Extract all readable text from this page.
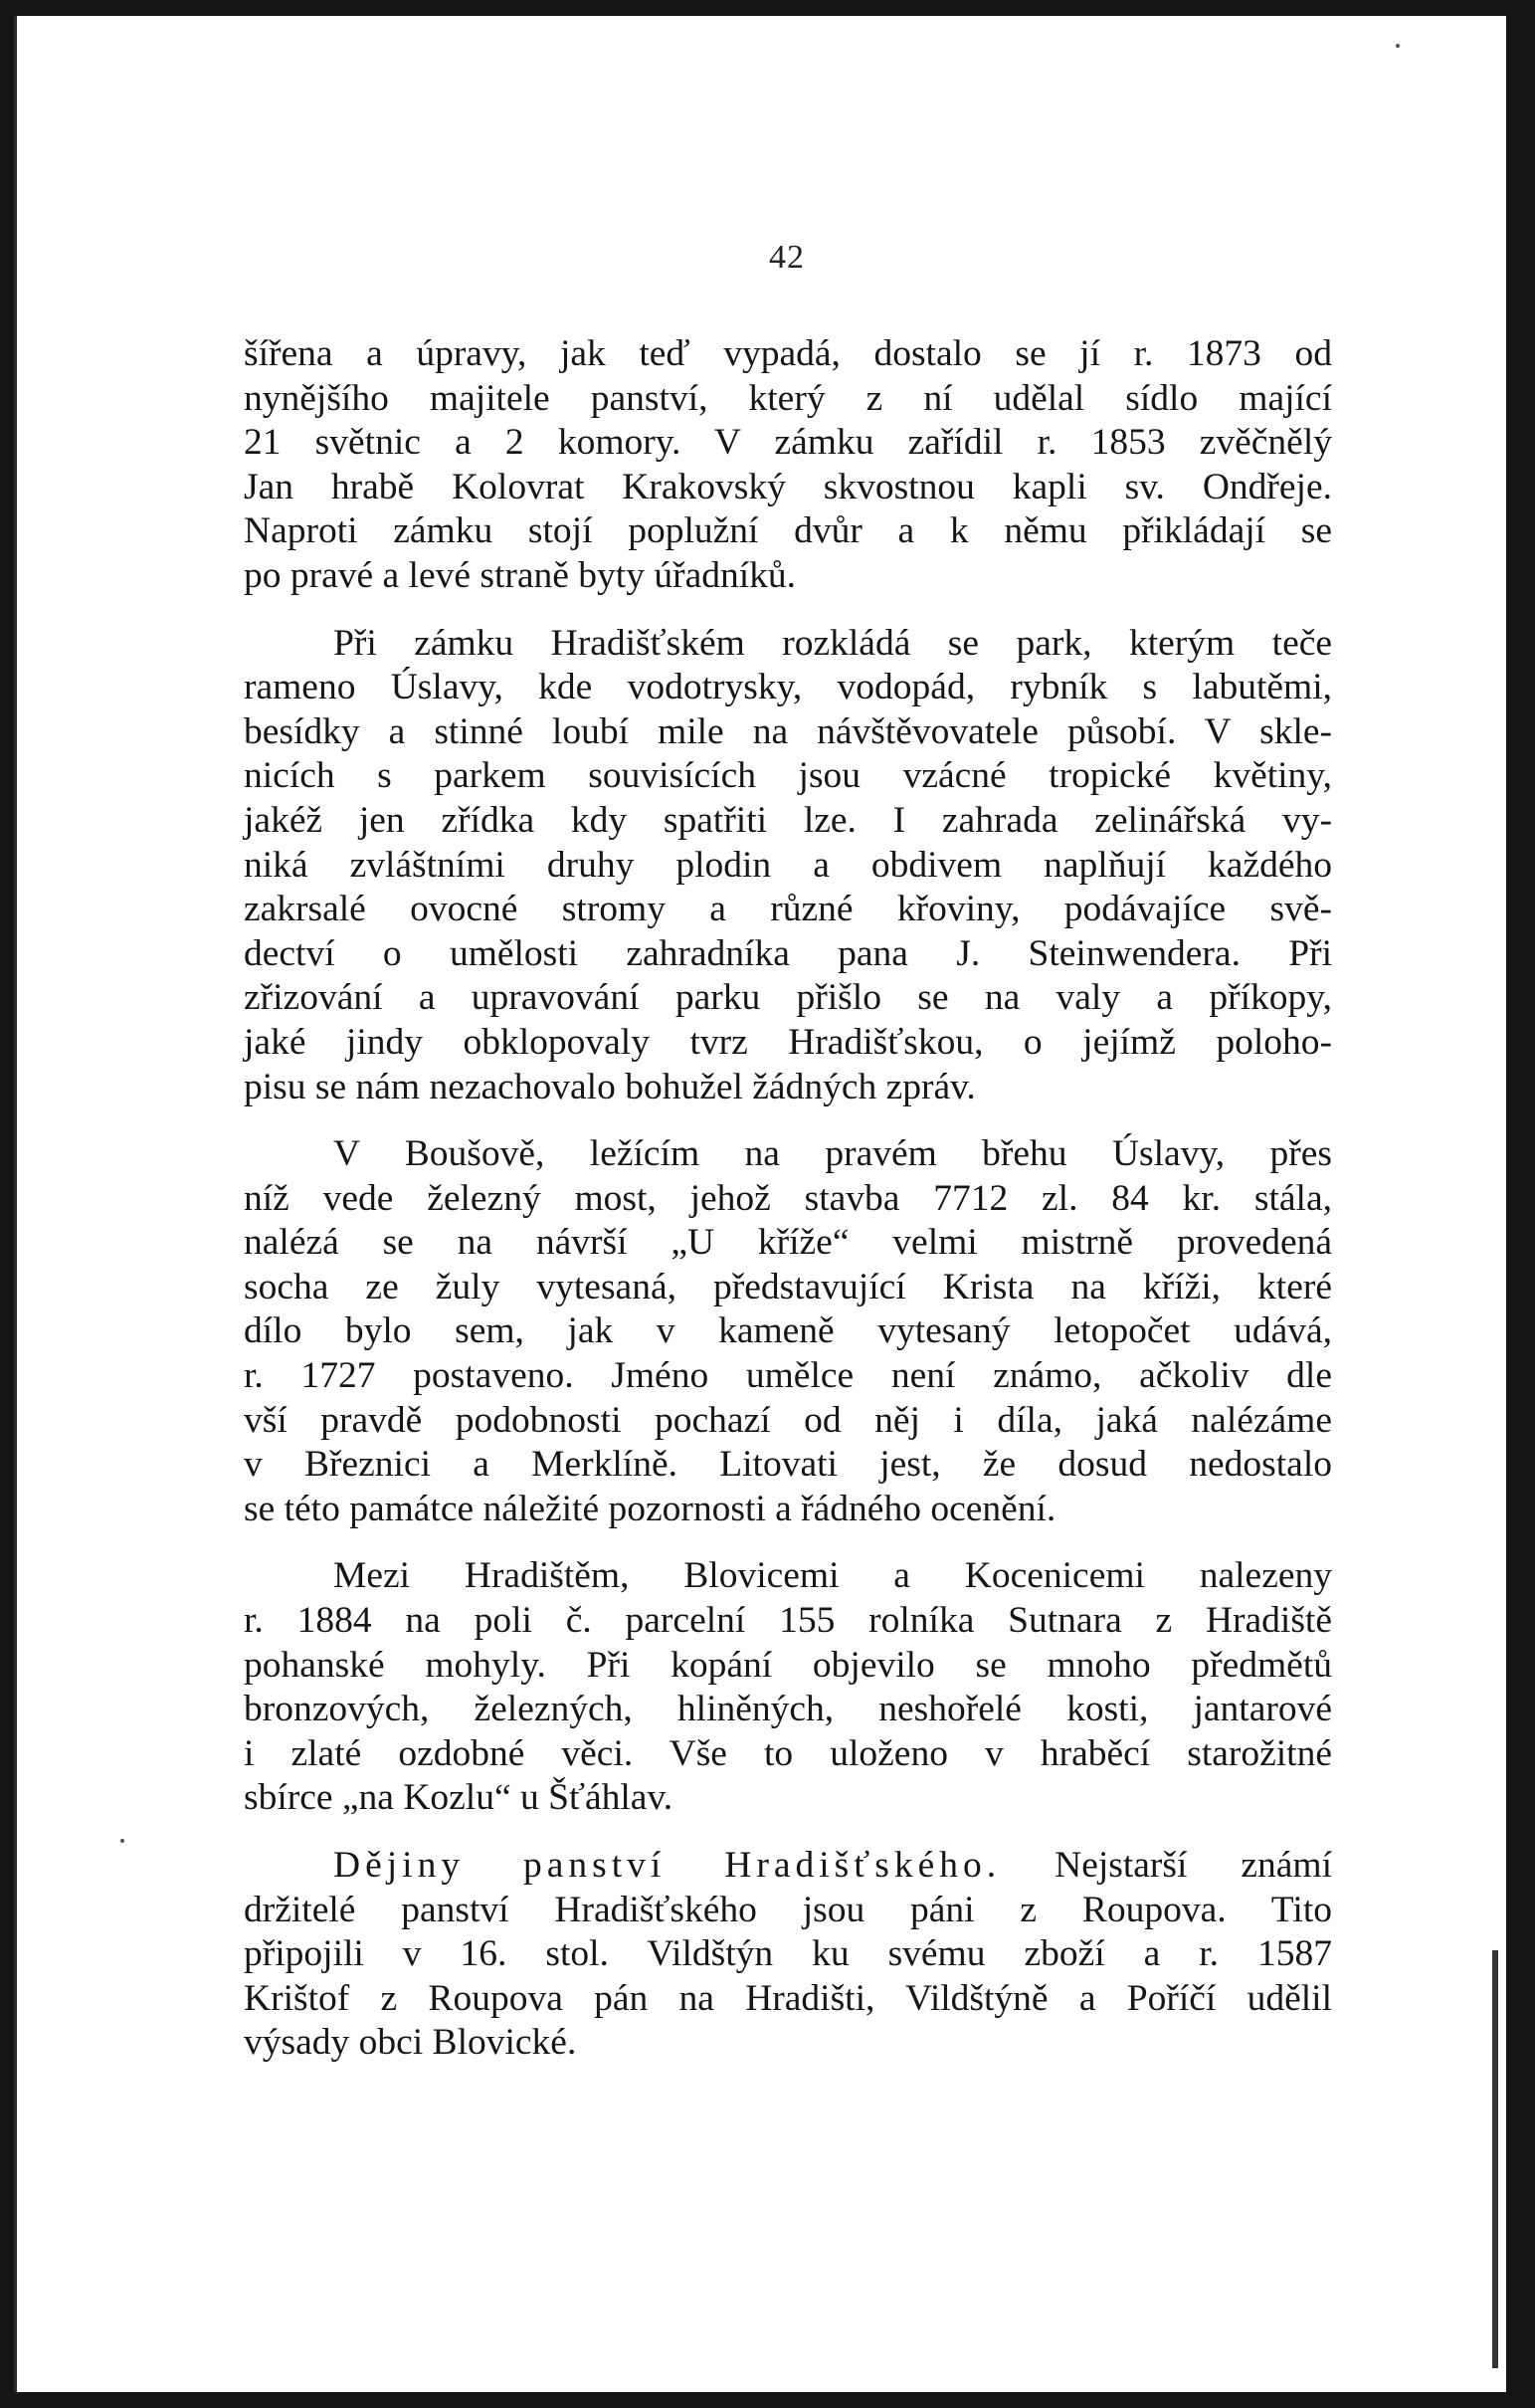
42
šířena a úpravy, jak teď vypadá, dostalo se jí r. 1873 od
nynějšího majitele panství, který z ní udělal sídlo mající
21 světnic a 2 komory. V zámku zařídil r. 1853 zvěčnělý
Jan hrabě Kolovrat Krakovský skvostnou kapli sv. Ondřeje.
Naproti zámku stojí poplužní dvůr a k němu přikládají se
po pravé a levé straně byty úřadníků.
Při zámku Hradišťském rozkládá se park, kterým teče
rameno Úslavy, kde vodotrysky, vodopád, rybník s labutěmi,
besídky a stinné loubí mile na návštěvovatele působí. V skle-
nicích s parkem souvisících jsou vzácné tropické květiny,
jakéž jen zřídka kdy spatřiti lze. I zahrada zelinářská vy-
niká zvláštními druhy plodin a obdivem naplňují každého
zakrsalé ovocné stromy a různé křoviny, podávajíce svě-
dectví o umělosti zahradníka pana J. Steinwendera. Při
zřizování a upravování parku přišlo se na valy a příkopy,
jaké jindy obklopovaly tvrz Hradišťskou, o jejímž poloho-
pisu se nám nezachovalo bohužel žádných zpráv.
V Boušově, ležícím na pravém břehu Úslavy, přes
níž vede železný most, jehož stavba 7712 zl. 84 kr. stála,
nalézá se na návrší „U kříže“ velmi mistrně provedená
socha ze žuly vytesaná, představující Krista na kříži, které
dílo bylo sem, jak v kameně vytesaný letopočet udává,
r. 1727 postaveno. Jméno umělce není známo, ačkoliv dle
vší pravdě podobnosti pochazí od něj i díla, jaká nalézáme
v Březnici a Merklíně. Litovati jest, že dosud nedostalo
se této památce náležité pozornosti a řádného ocenění.
Mezi Hradištěm, Blovicemi a Kocenicemi nalezeny
r. 1884 na poli č. parcelní 155 rolníka Sutnara z Hradiště
pohanské mohyly. Při kopání objevilo se mnoho předmětů
bronzových, železných, hliněných, neshořelé kosti, jantarové
i zlaté ozdobné věci. Vše to uloženo v hraběcí starožitné
sbírce „na Kozlu“ u Šťáhlav.
Dějiny panství Hradišťského. Nejstarší známí
držitelé panství Hradišťského jsou páni z Roupova. Tito
připojili v 16. stol. Vildštýn ku svému zboží a r. 1587
Krištof z Roupova pán na Hradišti, Vildštýně a Poříčí udělil
výsady obci Blovické.
